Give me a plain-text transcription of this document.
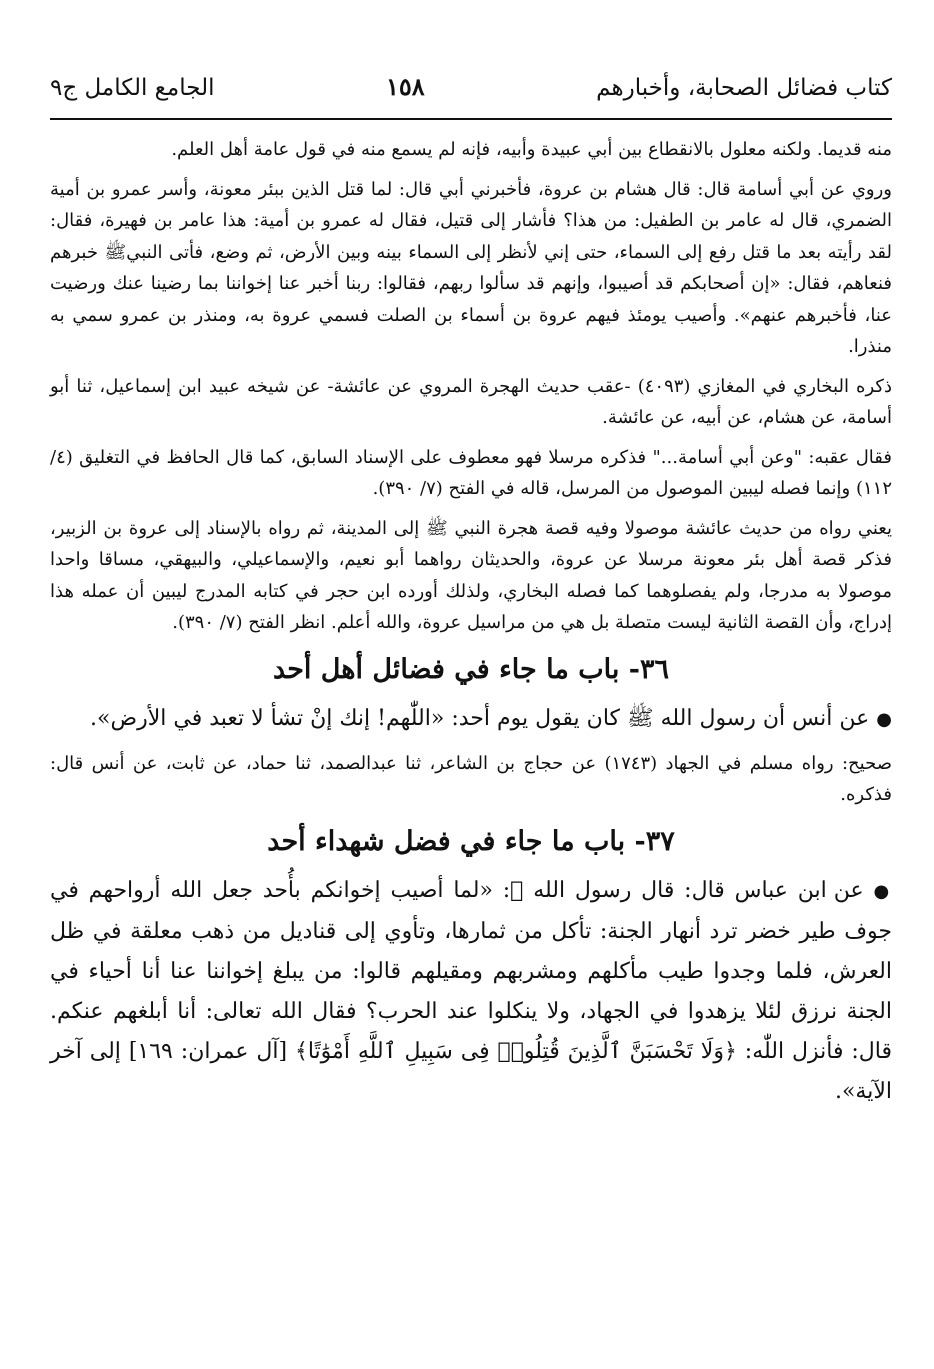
كتاب فضائل الصحابة، وأخبارهم
١٥٨
الجامع الكامل ج٩

منه قديما. ولكنه معلول بالانقطاع بين أبي عبيدة وأبيه، فإنه لم يسمع منه في قول عامة أهل العلم.

وروي عن أبي أسامة قال: قال هشام بن عروة، فأخبرني أبي قال: لما قتل الذين ببئر معونة، وأسر عمرو بن أمية الضمري، قال له عامر بن الطفيل: من هذا؟ فأشار إلى قتيل، فقال له عمرو بن أمية: هذا عامر بن فهيرة، فقال: لقد رأيته بعد ما قتل رفع إلى السماء، حتى إني لأنظر إلى السماء بينه وبين الأرض، ثم وضع، فأتى النبيﷺ خبرهم فنعاهم، فقال: «إن أصحابكم قد أصيبوا، وإنهم قد سألوا ربهم، فقالوا: ربنا أخبر عنا إخواننا بما رضينا عنك ورضيت عنا، فأخبرهم عنهم». وأصيب يومئذ فيهم عروة بن أسماء بن الصلت فسمي عروة به، ومنذر بن عمرو سمي به منذرا.

ذكره البخاري في المغازي (٤٠٩٣) -عقب حديث الهجرة المروي عن عائشة- عن شيخه عبيد ابن إسماعيل، ثنا أبو أسامة، عن هشام، عن أبيه، عن عائشة.

فقال عقبه: "وعن أبي أسامة..." فذكره مرسلا فهو معطوف على الإسناد السابق، كما قال الحافظ في التغليق (٤/ ١١٢) وإنما فصله ليبين الموصول من المرسل، قاله في الفتح (٧/ ٣٩٠).

يعني رواه من حديث عائشة موصولا وفيه قصة هجرة النبي ﷺ إلى المدينة، ثم رواه بالإسناد إلى عروة بن الزبير، فذكر قصة أهل بئر معونة مرسلا عن عروة، والحديثان رواهما أبو نعيم، والإسماعيلي، والبيهقي، مساقا واحدا موصولا به مدرجا، ولم يفصلوهما كما فصله البخاري، ولذلك أورده ابن حجر في كتابه المدرج ليبين أن عمله هذا إدراج، وأن القصة الثانية ليست متصلة بل هي من مراسيل عروة، والله أعلم. انظر الفتح (٧/ ٣٩٠).

٣٦- باب ما جاء في فضائل أهل أحد

● عن أنس أن رسول الله ﷺ كان يقول يوم أحد: «اللّٰهم! إنك إنْ تشأ لا تعبد في الأرض».

صحيح: رواه مسلم في الجهاد (١٧٤٣) عن حجاج بن الشاعر، ثنا عبدالصمد، ثنا حماد، عن ثابت، عن أنس قال: فذكره.

٣٧- باب ما جاء في فضل شهداء أحد

● عن ابن عباس قال: قال رسول الله ﷺ: «لما أصيب إخوانكم بأُحد جعل الله أرواحهم في جوف طير خضر ترد أنهار الجنة: تأكل من ثمارها، وتأوي إلى قناديل من ذهب معلقة في ظل العرش، فلما وجدوا طيب مأكلهم ومشربهم ومقيلهم قالوا: من يبلغ إخواننا عنا أنا أحياء في الجنة نرزق لئلا يزهدوا في الجهاد، ولا ينكلوا عند الحرب؟ فقال الله تعالى: أنا أبلغهم عنكم. قال: فأنزل اللّٰه: ﴿وَلَا تَحْسَبَنَّ ٱلَّذِينَ قُتِلُوا۟ فِى سَبِيلِ ٱللَّهِ أَمْوَٰتًا﴾ [آل عمران: ١٦٩] إلى آخر الآية».
